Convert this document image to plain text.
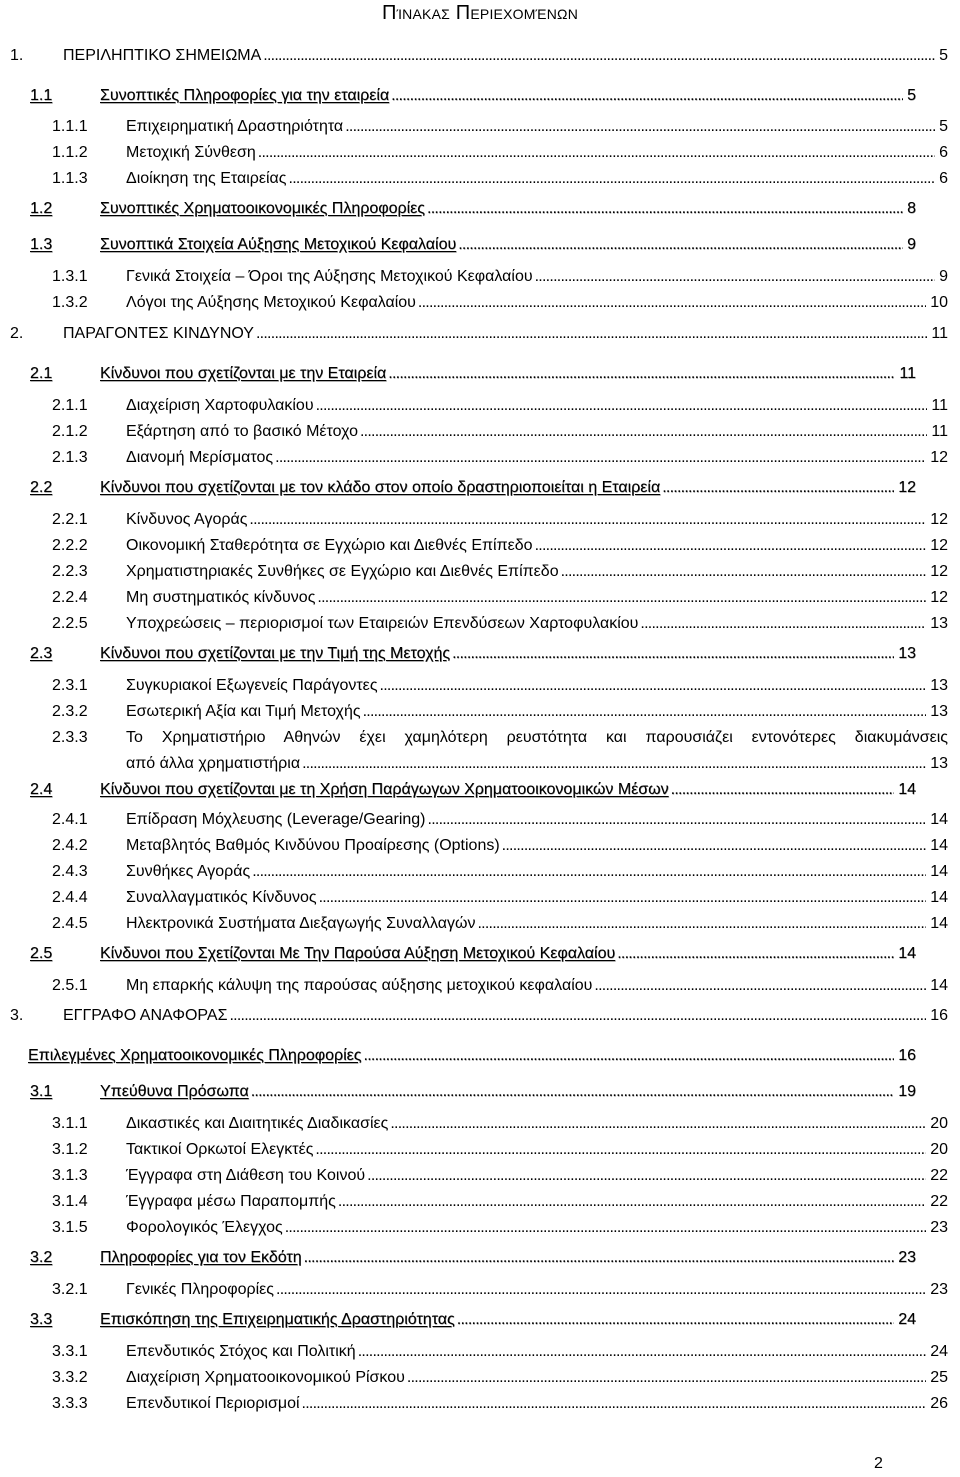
Πίνακας Περιεχομένων
1. ΠΕΡΙΛΗΠΤΙΚΟ ΣΗΜΕΙΩΜΑ	5
. . .
1.1	Συνοπτικές Πληροφορίες για την εταιρεία	5
. . .
1.1.1 Επιχειρηματική Δραστηριότητα	5
. . .
1.1.2 Μετοχική Σύνθεση	6
. . .
1.1.3 Διοίκηση της Εταιρείας	6
. . .
1.2	Συνοπτικές Χρηματοοικονομικές Πληροφορίες	8
. . .
1.3	Συνοπτικά Στοιχεία Αύξησης Μετοχικού Κεφαλαίου	9
. . .
1.3.1 Γενικά Στοιχεία – Όροι της Αύξησης Μετοχικού Κεφαλαίου	9
. . .
1.3.2 Λόγοι της Αύξησης Μετοχικού Κεφαλαίου	10
. . .
2. ΠΑΡΑΓΟΝΤΕΣ ΚΙΝΔΥΝΟΥ	11
. . .
2.1	Κίνδυνοι που σχετίζονται με την Εταιρεία	11
. . .
2.1.1 Διαχείριση Χαρτοφυλακίου	11
. . .
2.1.2 Εξάρτηση από το βασικό Μέτοχο	11
. . .
2.1.3 Διανομή Μερίσματος	12
. . .
2.2	Κίνδυνοι που σχετίζονται με τον κλάδο στον οποίο δραστηριοποιείται η Εταιρεία	12
. . .
2.2.1 Κίνδυνος Αγοράς	12
. . .
2.2.2 Οικονομική Σταθερότητα σε Εγχώριο και Διεθνές Επίπεδο	12
. . .
2.2.3 Χρηματιστηριακές Συνθήκες σε Εγχώριο και Διεθνές Επίπεδο	12
. . .
2.2.4 Μη συστηματικός κίνδυνος	12
. . .
2.2.5 Υποχρεώσεις – περιορισμοί των Εταιρειών Επενδύσεων Χαρτοφυλακίου	13
. . .
2.3	Κίνδυνοι που σχετίζονται με την Τιμή της Μετοχής	13
. . .
2.3.1 Συγκυριακοί Εξωγενείς Παράγοντες	13
. . .
2.3.2 Εσωτερική Αξία και Τιμή Μετοχής	13
. . .
2.3.3 Το Χρηματιστήριο Αθηνών έχει χαμηλότερη ρευστότητα και παρουσιάζει εντονότερες διακυμάνσεις
από άλλα χρηματιστήρια	13
. . .
2.4	Κίνδυνοι που σχετίζονται με τη Χρήση Παράγωγων Χρηματοοικονομικών Μέσων	14
. . .
2.4.1 Επίδραση Μόχλευσης (Leverage/Gearing)	14
. . .
2.4.2 Μεταβλητός Βαθμός Κινδύνου Προαίρεσης (Options)	14
. . .
2.4.3 Συνθήκες Αγοράς	14
. . .
2.4.4 Συναλλαγματικός Κίνδυνος	14
. . .
2.4.5 Ηλεκτρονικά Συστήματα Διεξαγωγής Συναλλαγών	14
. . .
2.5	Κίνδυνοι που Σχετίζονται Με Την Παρούσα Αύξηση Μετοχικού Κεφαλαίου	14
. . .
2.5.1 Μη επαρκής κάλυψη της παρούσας αύξησης μετοχικού κεφαλαίου	14
. . .
3. ΕΓΓΡΑΦΟ ΑΝΑΦΟΡΑΣ	16
. . .
Επιλεγμένες Χρηματοοικονομικές Πληροφορίες	16
. . .
3.1	Υπεύθυνα Πρόσωπα	19
. . .
3.1.1 Δικαστικές και Διαιτητικές Διαδικασίες	20
. . .
3.1.2 Τακτικοί Ορκωτοί Ελεγκτές	20
. . .
3.1.3 Έγγραφα στη Διάθεση του Κοινού	22
. . .
3.1.4 Έγγραφα μέσω Παραπομπής	22
. . .
3.1.5 Φορολογικός Έλεγχος	23
. . .
3.2	Πληροφορίες για τον Εκδότη	23
. . .
3.2.1 Γενικές Πληροφορίες	23
. . .
3.3	Επισκόπηση της Επιχειρηματικής Δραστηριότητας	24
. . .
3.3.1 Επενδυτικός Στόχος και Πολιτική	24
. . .
3.3.2 Διαχείριση Χρηματοοικονομικού Ρίσκου	25
. . .
3.3.3 Επενδυτικοί Περιορισμοί	26
. . .
2
